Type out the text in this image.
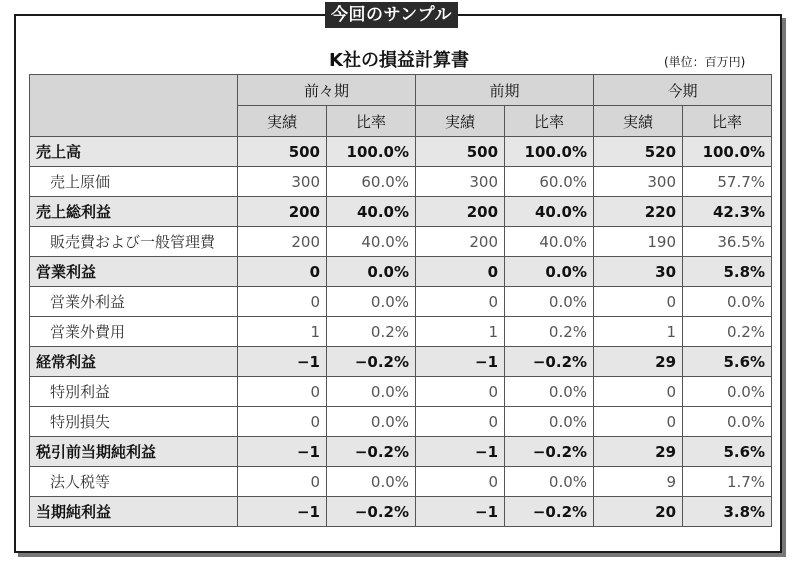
今回のサンプル
K社の損益計算書	(単位：百万円)
	前々期		前期		今期	
	実績	比率	実績	比率	実績	比率
売上高	500	100.0%	500	100.0%	520	100.0%
売上原価	300	60.0%	300	60.0%	300	57.7%
売上総利益	200	40.0%	200	40.0%	220	42.3%
販売費および一般管理費	200	40.0%	200	40.0%	190	36.5%
営業利益	0	0.0%	0	0.0%	30	5.8%
営業外利益	0	0.0%	0	0.0%	0	0.0%
営業外費用	1	0.2%	1	0.2%	1	0.2%
経常利益	−1	−0.2%	−1	−0.2%	29	5.6%
特別利益	0	0.0%	0	0.0%	0	0.0%
特別損失	0	0.0%	0	0.0%	0	0.0%
税引前当期純利益	−1	−0.2%	−1	−0.2%	29	5.6%
法人税等	0	0.0%	0	0.0%	9	1.7%
当期純利益	−1	−0.2%	−1	−0.2%	20	3.8%
